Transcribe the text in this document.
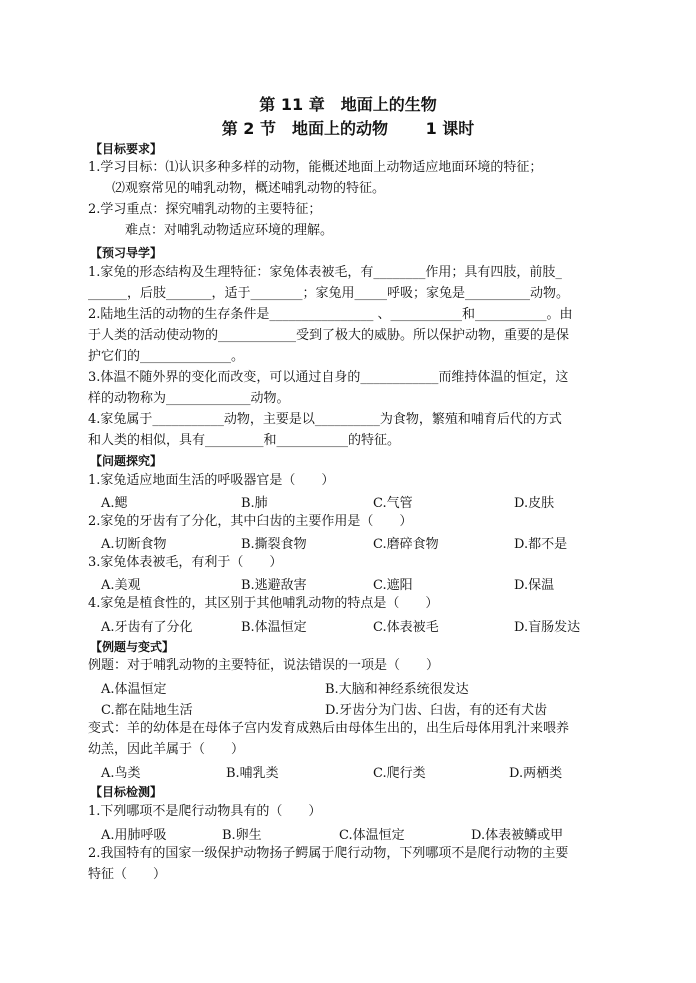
第 11 章　地面上的生物
第 2 节　地面上的动物　　 1 课时
【目标要求】
1.学习目标：⑴认识多种多样的动物，能概述地面上动物适应地面环境的特征；
⑵观察常见的哺乳动物，概述哺乳动物的特征。
2.学习重点：探究哺乳动物的主要特征；
难点：对哺乳动物适应环境的理解。
【预习导学】
1.家兔的形态结构及生理特征：家兔体表被毛，有________作用；具有四肢，前肢_
______，后肢_______，适于________；家兔用_____呼吸；家兔是__________动物。
2.陆地生活的动物的生存条件是________________ 、___________和___________。由
于人类的活动使动物的____________受到了极大的威胁。所以保护动物，重要的是保
护它们的______________。
3.体温不随外界的变化而改变，可以通过自身的____________而维持体温的恒定，这
样的动物称为_____________动物。
4.家兔属于___________动物，主要是以__________为食物，繁殖和哺育后代的方式
和人类的相似，具有_________和___________的特征。
【问题探究】
1.家兔适应地面生活的呼吸器官是（　　）
A.鳃	B.肺	C.气管	D.皮肤
2.家兔的牙齿有了分化，其中臼齿的主要作用是（　　）
A.切断食物	B.撕裂食物	C.磨碎食物	D.都不是
3.家兔体表被毛，有利于（　　）
A.美观	B.逃避敌害	C.遮阳	D.保温
4.家兔是植食性的，其区别于其他哺乳动物的特点是（　　）
A.牙齿有了分化	B.体温恒定	C.体表被毛	D.盲肠发达
【例题与变式】
例题：对于哺乳动物的主要特征，说法错误的一项是（　　）
A.体温恒定	B.大脑和神经系统很发达
C.都在陆地生活	D.牙齿分为门齿、臼齿，有的还有犬齿
变式：羊的幼体是在母体子宫内发育成熟后由母体生出的，出生后母体用乳汁来喂养
幼羔，因此羊属于（　　）
A.鸟类	B.哺乳类	C.爬行类	D.两栖类
【目标检测】
1.下列哪项不是爬行动物具有的（　　）
A.用肺呼吸	B.卵生	C.体温恒定	D.体表被鳞或甲
2.我国特有的国家一级保护动物扬子鳄属于爬行动物，下列哪项不是爬行动物的主要
特征（　　）
